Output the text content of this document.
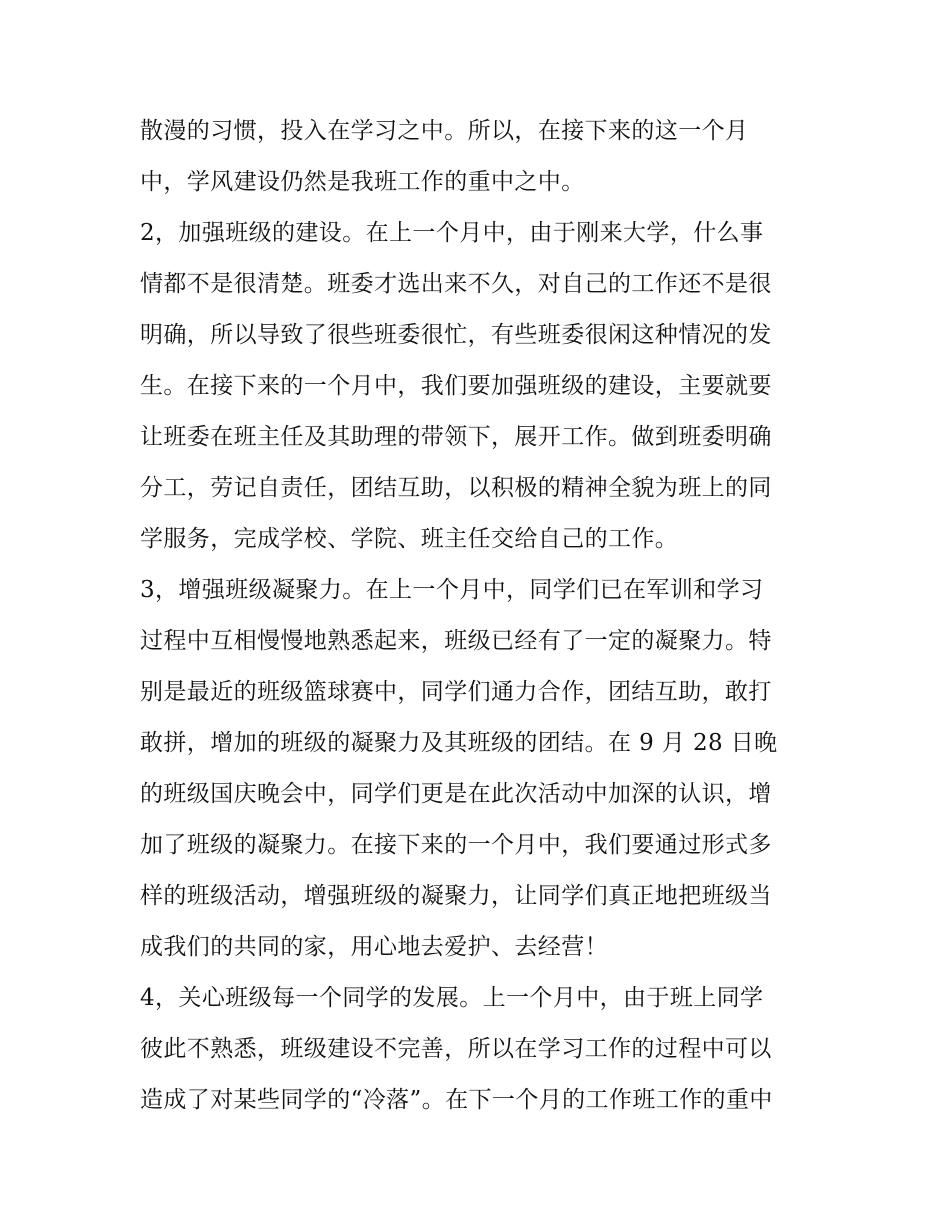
散漫的习惯，投入在学习之中。所以，在接下来的这一个月
中，学风建设仍然是我班工作的重中之中。
2，加强班级的建设。在上一个月中，由于刚来大学，什么事
情都不是很清楚。班委才选出来不久，对自己的工作还不是很
明确，所以导致了很些班委很忙，有些班委很闲这种情况的发
生。在接下来的一个月中，我们要加强班级的建设，主要就要
让班委在班主任及其助理的带领下，展开工作。做到班委明确
分工，劳记自责任，团结互助，以积极的精神全貌为班上的同
学服务，完成学校、学院、班主任交给自己的工作。
3，增强班级凝聚力。在上一个月中，同学们已在军训和学习
过程中互相慢慢地熟悉起来，班级已经有了一定的凝聚力。特
别是最近的班级篮球赛中，同学们通力合作，团结互助，敢打
敢拼，增加的班级的凝聚力及其班级的团结。在 9 月 28 日晚
的班级国庆晚会中，同学们更是在此次活动中加深的认识，增
加了班级的凝聚力。在接下来的一个月中，我们要通过形式多
样的班级活动，增强班级的凝聚力，让同学们真正地把班级当
成我们的共同的家，用心地去爱护、去经营！
4，关心班级每一个同学的发展。上一个月中，由于班上同学
彼此不熟悉，班级建设不完善，所以在学习工作的过程中可以
造成了对某些同学的“冷落”。在下一个月的工作班工作的重中
